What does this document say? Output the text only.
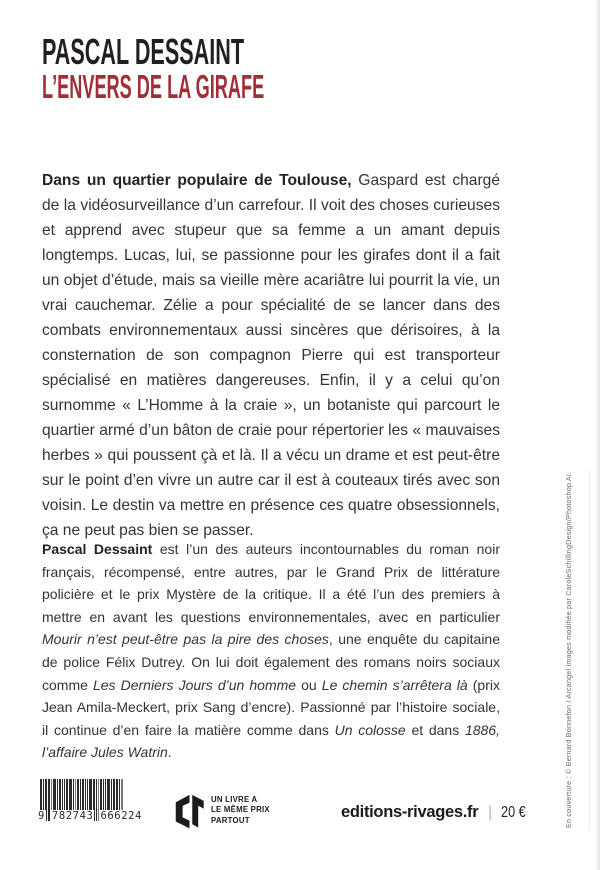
PASCAL DESSAINT
L’ENVERS DE LA GIRAFE

Dans un quartier populaire de Toulouse, Gaspard est chargé de la vidéosurveillance d’un carrefour. Il voit des choses curieuses et apprend avec stupeur que sa femme a un amant depuis longtemps. Lucas, lui, se passionne pour les girafes dont il a fait un objet d’étude, mais sa vieille mère acariâtre lui pourrit la vie, un vrai cauchemar. Zélie a pour spécialité de se lancer dans des combats environnementaux aussi sincères que dérisoires, à la consternation de son compagnon Pierre qui est transporteur spécialisé en matières dangereuses. Enfin, il y a celui qu’on surnomme « L’Homme à la craie », un botaniste qui parcourt le quartier armé d’un bâton de craie pour répertorier les « mauvaises herbes » qui poussent çà et là. Il a vécu un drame et est peut-être sur le point d’en vivre un autre car il est à couteaux tirés avec son voisin. Le destin va mettre en présence ces quatre obsessionnels, ça ne peut pas bien se passer.

Pascal Dessaint est l’un des auteurs incontournables du roman noir français, récompensé, entre autres, par le Grand Prix de littérature policière et le prix Mystère de la critique. Il a été l’un des premiers à mettre en avant les questions environnementales, avec en particulier Mourir n’est peut-être pas la pire des choses, une enquête du capitaine de police Félix Dutrey. On lui doit également des romans noirs sociaux comme Les Derniers Jours d’un homme ou Le chemin s’arrêtera là (prix Jean Amila-Meckert, prix Sang d’encre). Passionné par l’histoire sociale, il continue d’en faire la matière comme dans Un colosse et dans 1886, l’affaire Jules Watrin.

9 782743 666224
UN LIVRE A
LE MÊME PRIX
PARTOUT	editions-rivages.fr | 20 €	En couverture : © Bernard Bonnefon / Arcangel images modifiée par CaroleSchillingDesign/Photoshop AI.
